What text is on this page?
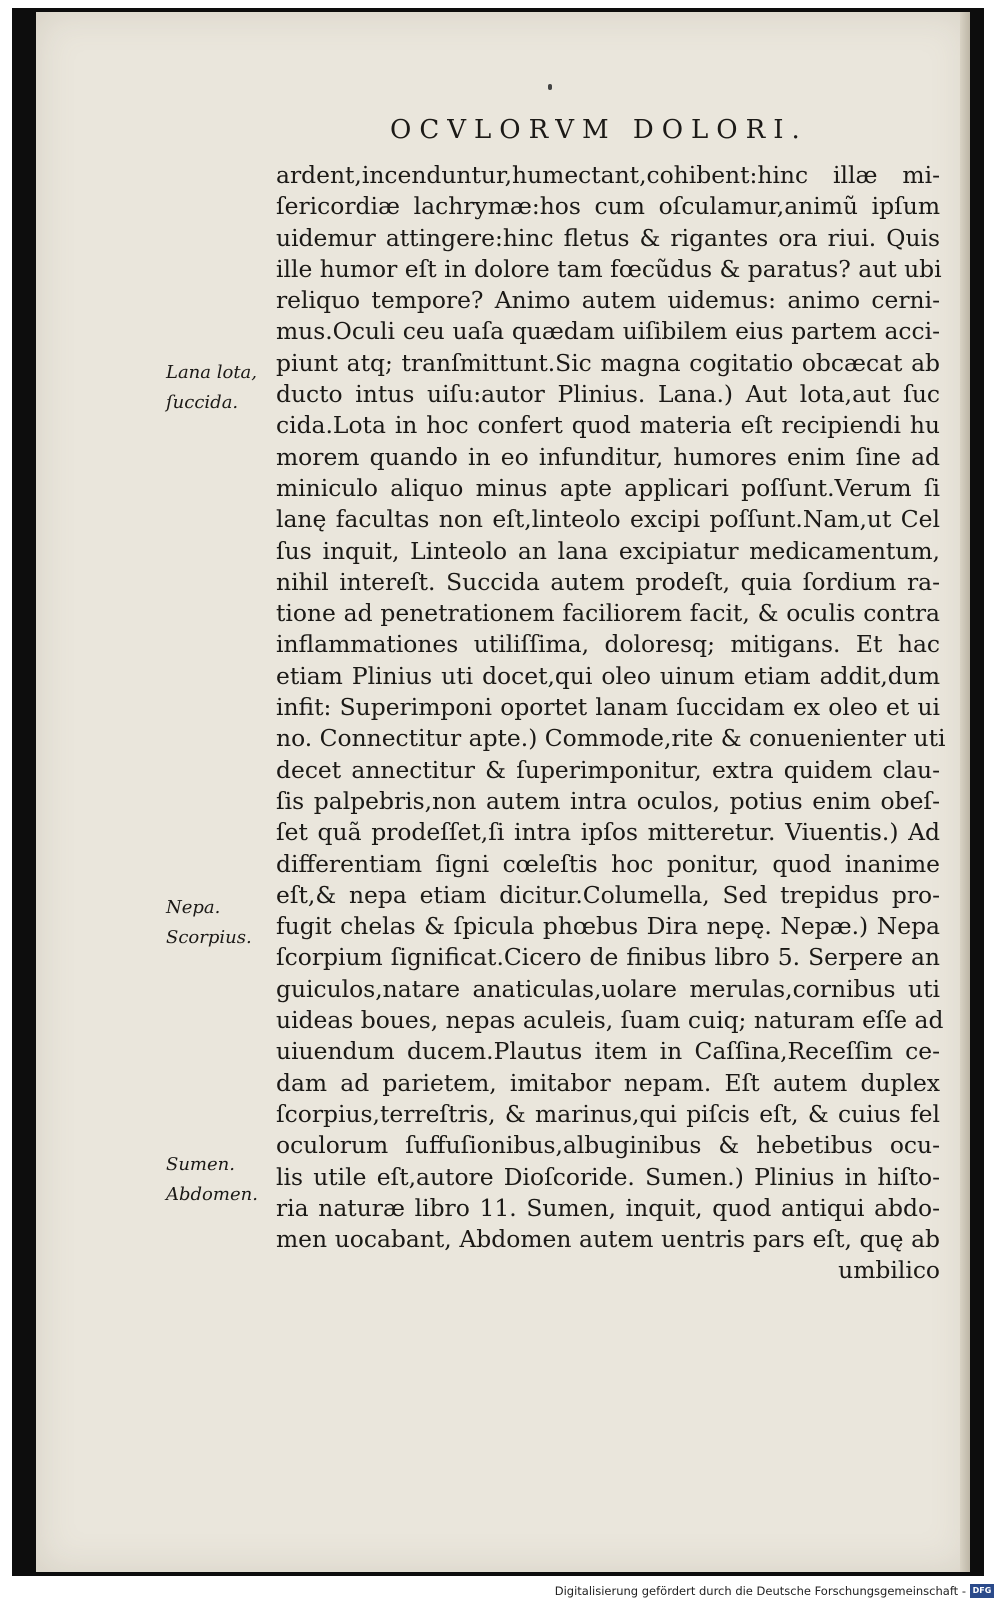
OCVLORVM DOLORI.
Lana lota,
ſuccida.
Nepa.
Scorpius.
Sumen.
Abdomen.
ardent,incenduntur,humectant,cohibent:hinc illæ mi-
ſericordiæ lachrymæ:hos cum oſculamur,animũ ipſum
uidemur attingere:hinc fletus & rigantes ora riui. Quis
ille humor eſt in dolore tam fœcũdus & paratus? aut ubi
reliquo tempore? Animo autem uidemus: animo cerni-
mus.Oculi ceu uaſa quædam uiſibilem eius partem acci-
piunt atq; tranſmittunt.Sic magna cogitatio obcæcat ab
ducto intus uiſu:autor Plinius. Lana.) Aut lota,aut ſuc
cida.Lota in hoc confert quod materia eſt recipiendi hu
morem quando in eo infunditur, humores enim ſine ad
miniculo aliquo minus apte applicari poſſunt.Verum ſi
lanę facultas non eſt,linteolo excipi poſſunt.Nam,ut Cel
ſus inquit, Linteolo an lana excipiatur medicamentum,
nihil intereſt. Succida autem prodeſt, quia ſordium ra-
tione ad penetrationem faciliorem facit, & oculis contra
inflammationes utiliſſima, doloresq; mitigans. Et hac
etiam Plinius uti docet,qui oleo uinum etiam addit,dum
infit: Superimponi oportet lanam ſuccidam ex oleo et ui
no. Connectitur apte.) Commode,rite & conuenienter uti
decet annectitur & ſuperimponitur, extra quidem clau-
ſis palpebris,non autem intra oculos, potius enim obeſ-
ſet quã prodeſſet,ſi intra ipſos mitteretur. Viuentis.) Ad
differentiam ſigni cœleſtis hoc ponitur, quod inanime
eſt,& nepa etiam dicitur.Columella, Sed trepidus pro-
fugit chelas & ſpicula phœbus Dira nepę. Nepæ.) Nepa
ſcorpium ſignificat.Cicero de finibus libro 5. Serpere an
guiculos,natare anaticulas,uolare merulas,cornibus uti
uideas boues, nepas aculeis, ſuam cuiq; naturam eſſe ad
uiuendum ducem.Plautus item in Caſſina,Receſſim ce-
dam ad parietem, imitabor nepam. Eſt autem duplex
ſcorpius,terreſtris, & marinus,qui piſcis eſt, & cuius fel
oculorum ſuffuſionibus,albuginibus & hebetibus ocu-
lis utile eſt,autore Dioſcoride. Sumen.) Plinius in hiſto-
ria naturæ libro 11. Sumen, inquit, quod antiqui abdo-
men uocabant, Abdomen autem uentris pars eſt, quę ab
umbilico
Digitalisierung gefördert durch die Deutsche Forschungsgemeinschaft - DFG
